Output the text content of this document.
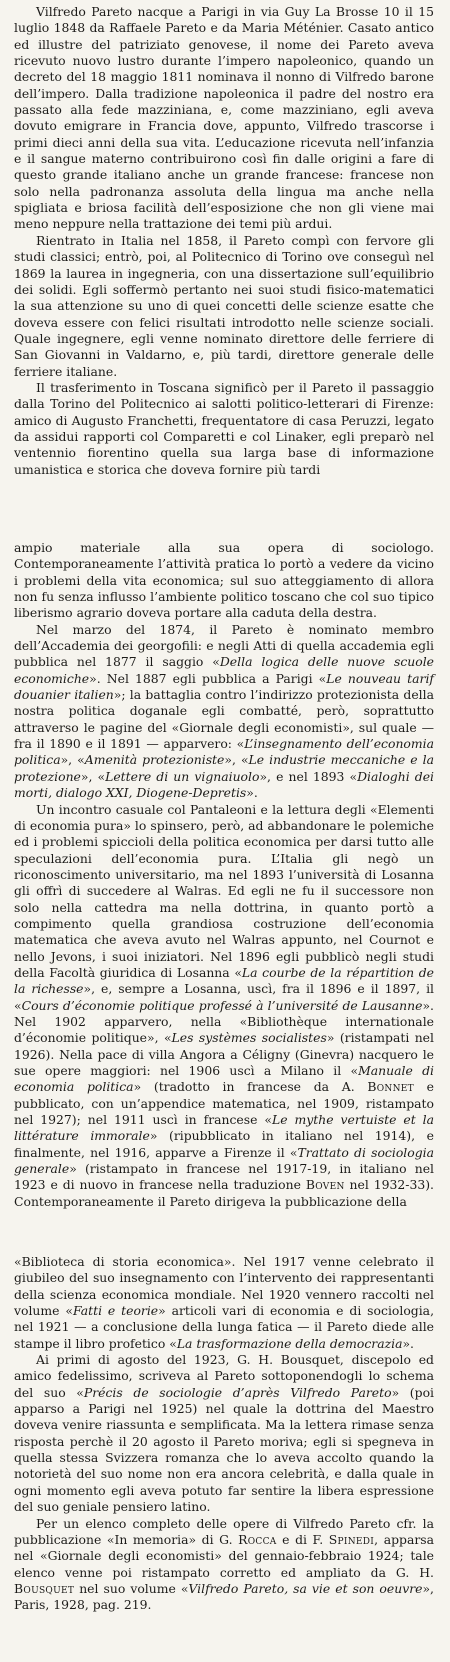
Vilfredo Pareto nacque a Parigi in via Guy La Brosse 10 il 15 luglio 1848 da Raffaele Pareto e da Maria Méténier. Casato antico ed illustre del patriziato genovese, il nome dei Pareto aveva ricevuto nuovo lustro durante l’impero napoleonico, quando un decreto del 18 maggio 1811 nominava il nonno di Vilfredo barone dell’impero. Dalla tradizione napoleonica il padre del nostro era passato alla fede mazziniana, e, come mazziniano, egli aveva dovuto emigrare in Francia dove, appunto, Vilfredo trascorse i primi dieci anni della sua vita. L’educazione ricevuta nell’infanzia e il sangue materno contribuirono così fin dalle origini a fare di questo grande italiano anche un grande francese: francese non solo nella padronanza assoluta della lingua ma anche nella spigliata e briosa facilità dell’esposizione che non gli viene mai meno neppure nella trattazione dei temi più ardui.

Rientrato in Italia nel 1858, il Pareto compì con fervore gli studi classici; entrò, poi, al Politecnico di Torino ove conseguì nel 1869 la laurea in ingegneria, con una dissertazione sull’equilibrio dei solidi. Egli soffermò pertanto nei suoi studi fisico-matematici la sua attenzione su uno di quei concetti delle scienze esatte che doveva essere con felici risultati introdotto nelle scienze sociali. Quale ingegnere, egli venne nominato direttore delle ferriere di San Giovanni in Valdarno, e, più tardi, direttore generale delle ferriere italiane.

Il trasferimento in Toscana significò per il Pareto il passaggio dalla Torino del Politecnico ai salotti politico-letterari di Firenze: amico di Augusto Franchetti, frequentatore di casa Peruzzi, legato da assidui rapporti col Comparetti e col Linaker, egli preparò nel ventennio fiorentino quella sua larga base di informazione umanistica e storica che doveva fornire più tardi

ampio materiale alla sua opera di sociologo. Contemporaneamente l’attività pratica lo portò a vedere da vicino i problemi della vita economica; sul suo atteggiamento di allora non fu senza influsso l’ambiente politico toscano che col suo tipico liberismo agrario doveva portare alla caduta della destra.

Nel marzo del 1874, il Pareto è nominato membro dell’Accademia dei georgofili: e negli Atti di quella accademia egli pubblica nel 1877 il saggio «Della logica delle nuove scuole economiche». Nel 1887 egli pubblica a Parigi «Le nouveau tarif douanier italien»; la battaglia contro l’indirizzo protezionista della nostra politica doganale egli combatté, però, soprattutto attraverso le pagine del «Giornale degli economisti», sul quale — fra il 1890 e il 1891 — apparvero: «L’insegnamento dell’economia politica», «Amenità protezioniste», «Le industrie meccaniche e la protezione», «Lettere di un vignaiuolo», e nel 1893 «Dialoghi dei morti, dialogo XXI, Diogene-Depretis».

Un incontro casuale col Pantaleoni e la lettura degli «Elementi di economia pura» lo spinsero, però, ad abbandonare le polemiche ed i problemi spiccioli della politica economica per darsi tutto alle speculazioni dell’economia pura. L’Italia gli negò un riconoscimento universitario, ma nel 1893 l’università di Losanna gli offrì di succedere al Walras. Ed egli ne fu il successore non solo nella cattedra ma nella dottrina, in quanto portò a compimento quella grandiosa costruzione dell’economia matematica che aveva avuto nel Walras appunto, nel Cournot e nello Jevons, i suoi iniziatori. Nel 1896 egli pubblicò negli studi della Facoltà giuridica di Losanna «La courbe de la répartition de la richesse», e, sempre a Losanna, uscì, fra il 1896 e il 1897, il «Cours d’économie politique professé à l’université de Lausanne». Nel 1902 apparvero, nella «Bibliothèque internationale d’économie politique», «Les systèmes socialistes» (ristampati nel 1926). Nella pace di villa Angora a Céligny (Ginevra) nacquero le sue opere maggiori: nel 1906 uscì a Milano il «Manuale di economia politica» (tradotto in francese da A. Bonnet e pubblicato, con un’appendice matematica, nel 1909, ristampato nel 1927); nel 1911 uscì in francese «Le mythe vertuiste et la littérature immorale» (ripubblicato in italiano nel 1914), e finalmente, nel 1916, apparve a Firenze il «Trattato di sociologia generale» (ristampato in francese nel 1917-19, in italiano nel 1923 e di nuovo in francese nella traduzione Boven nel 1932-33). Contemporaneamente il Pareto dirigeva la pubblicazione della

«Biblioteca di storia economica». Nel 1917 venne celebrato il giubileo del suo insegnamento con l’intervento dei rappresentanti della scienza economica mondiale. Nel 1920 vennero raccolti nel volume «Fatti e teorie» articoli vari di economia e di sociologia, nel 1921 — a conclusione della lunga fatica — il Pareto diede alle stampe il libro profetico «La trasformazione della democrazia».

Ai primi di agosto del 1923, G. H. Bousquet, discepolo ed amico fedelissimo, scriveva al Pareto sottoponendogli lo schema del suo «Précis de sociologie d’après Vilfredo Pareto» (poi apparso a Parigi nel 1925) nel quale la dottrina del Maestro doveva venire riassunta e semplificata. Ma la lettera rimase senza risposta perchè il 20 agosto il Pareto moriva; egli si spegneva in quella stessa Svizzera romanza che lo aveva accolto quando la notorietà del suo nome non era ancora celebrità, e dalla quale in ogni momento egli aveva potuto far sentire la libera espressione del suo geniale pensiero latino.

Per un elenco completo delle opere di Vilfredo Pareto cfr. la pubblicazione «In memoria» di G. Rocca e di F. Spinedi, apparsa nel «Giornale degli economisti» del gennaio-febbraio 1924; tale elenco venne poi ristampato corretto ed ampliato da G. H. Bousquet nel suo volume «Vilfredo Pareto, sa vie et son oeuvre», Paris, 1928, pag. 219.
